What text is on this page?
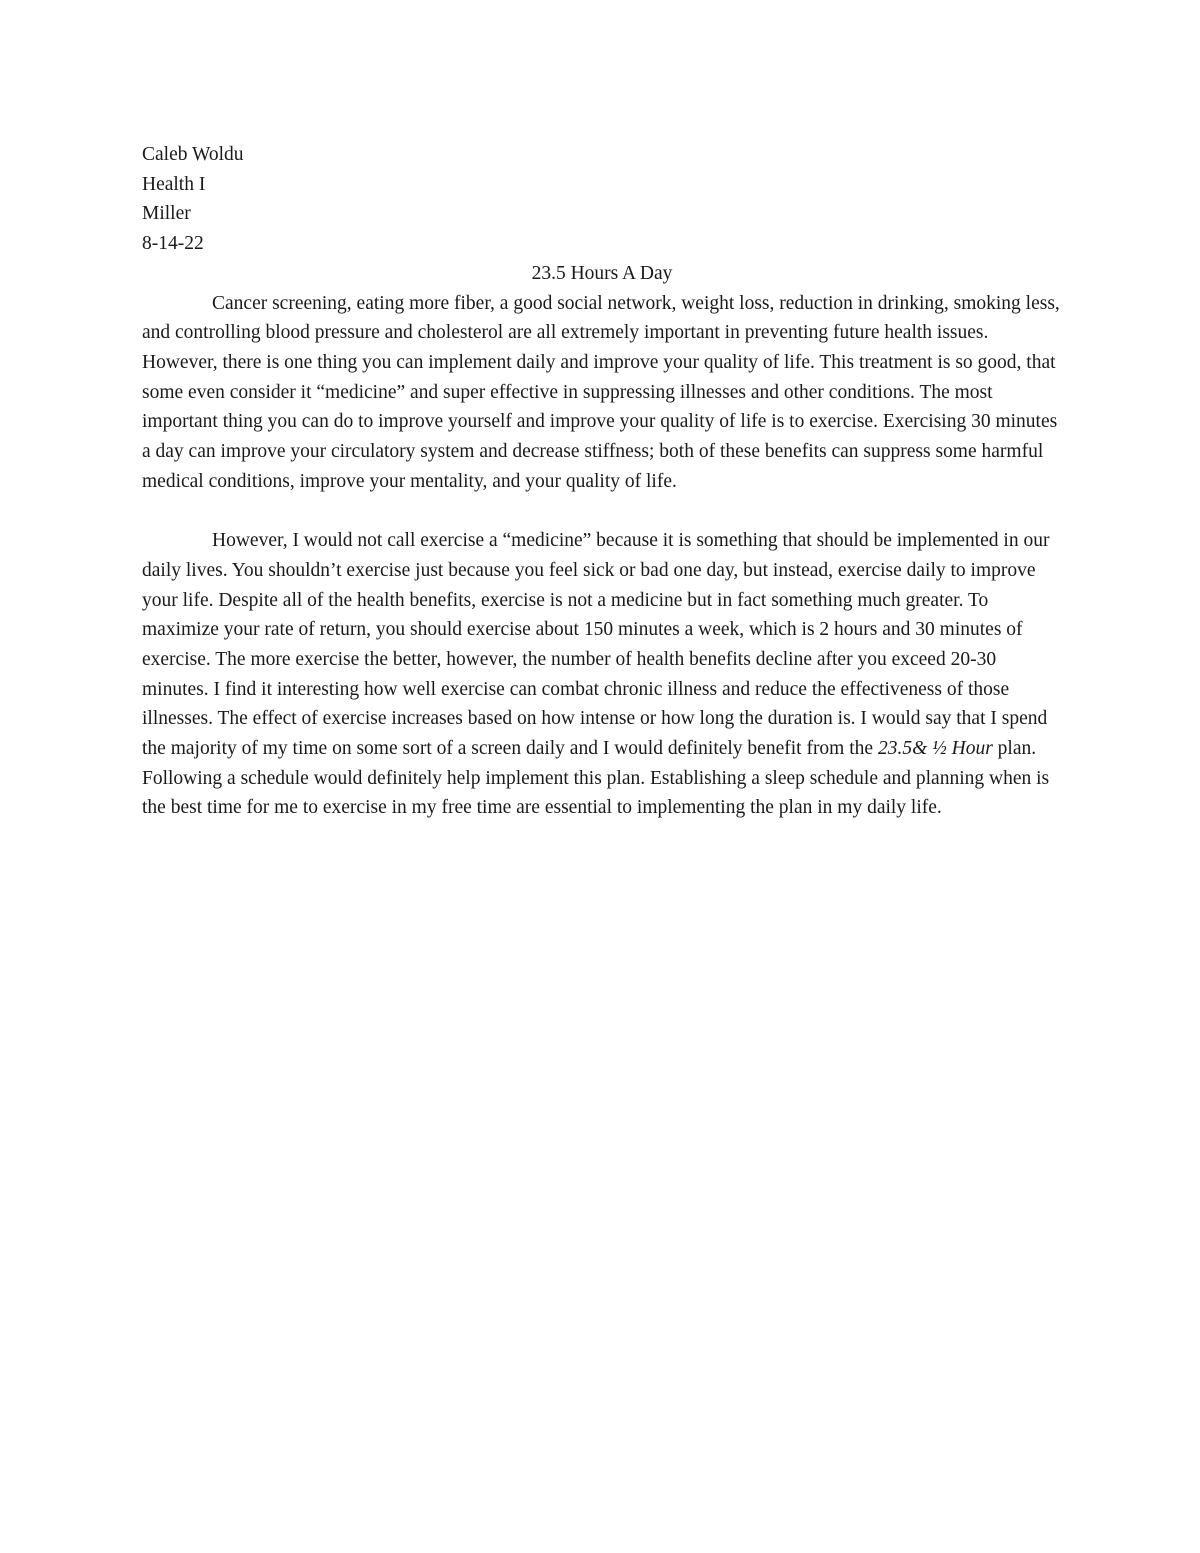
Caleb Woldu
Health I
Miller
8-14-22
23.5 Hours A Day

Cancer screening, eating more fiber, a good social network, weight loss, reduction in drinking, smoking less, and controlling blood pressure and cholesterol are all extremely important in preventing future health issues. However, there is one thing you can implement daily and improve your quality of life. This treatment is so good, that some even consider it “medicine” and super effective in suppressing illnesses and other conditions. The most important thing you can do to improve yourself and improve your quality of life is to exercise. Exercising 30 minutes a day can improve your circulatory system and decrease stiffness; both of these benefits can suppress some harmful medical conditions, improve your mentality, and your quality of life.

However, I would not call exercise a “medicine” because it is something that should be implemented in our daily lives. You shouldn’t exercise just because you feel sick or bad one day, but instead, exercise daily to improve your life. Despite all of the health benefits, exercise is not a medicine but in fact something much greater. To maximize your rate of return, you should exercise about 150 minutes a week, which is 2 hours and 30 minutes of exercise. The more exercise the better, however, the number of health benefits decline after you exceed 20-30 minutes. I find it interesting how well exercise can combat chronic illness and reduce the effectiveness of those illnesses. The effect of exercise increases based on how intense or how long the duration is. I would say that I spend the majority of my time on some sort of a screen daily and I would definitely benefit from the 23.5& ½ Hour plan. Following a schedule would definitely help implement this plan. Establishing a sleep schedule and planning when is the best time for me to exercise in my free time are essential to implementing the plan in my daily life.
